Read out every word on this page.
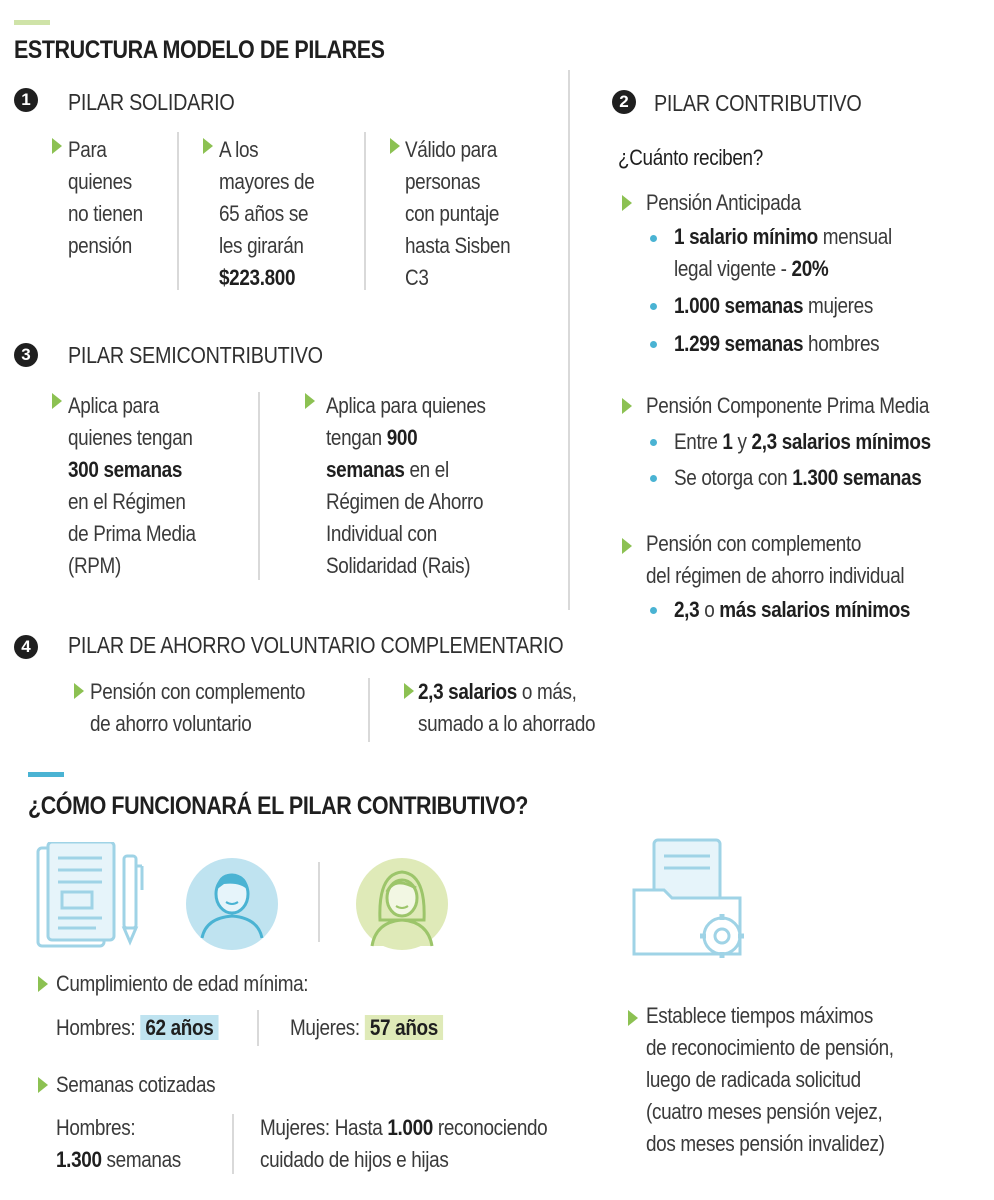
ESTRUCTURA MODELO DE PILARES
1	PILAR SOLIDARIO
Para
quienes
no tienen
pensión
A los
mayores de
65 años se
les girarán
$223.800
Válido para
personas
con puntaje
hasta Sisben
C3
2	PILAR CONTRIBUTIVO
¿Cuánto reciben?
Pensión Anticipada
1 salario mínimo mensual
legal vigente - 20%
1.000 semanas mujeres
1.299 semanas hombres
Pensión Componente Prima Media
Entre 1 y 2,3 salarios mínimos
Se otorga con 1.300 semanas
Pensión con complemento
del régimen de ahorro individual
2,3 o más salarios mínimos
3	PILAR SEMICONTRIBUTIVO
Aplica para
quienes tengan
300 semanas
en el Régimen
de Prima Media
(RPM)
Aplica para quienes
tengan 900
semanas en el
Régimen de Ahorro
Individual con
Solidaridad (Rais)
4	PILAR DE AHORRO VOLUNTARIO COMPLEMENTARIO
Pensión con complemento
de ahorro voluntario
2,3 salarios o más,
sumado a lo ahorrado
¿CÓMO FUNCIONARÁ EL PILAR CONTRIBUTIVO?
Cumplimiento de edad mínima:
Hombres: 62 años	Mujeres: 57 años
Semanas cotizadas
Hombres:
1.300 semanas
Mujeres: Hasta 1.000 reconociendo
cuidado de hijos e hijas
Establece tiempos máximos
de reconocimiento de pensión,
luego de radicada solicitud
(cuatro meses pensión vejez,
dos meses pensión invalidez)
